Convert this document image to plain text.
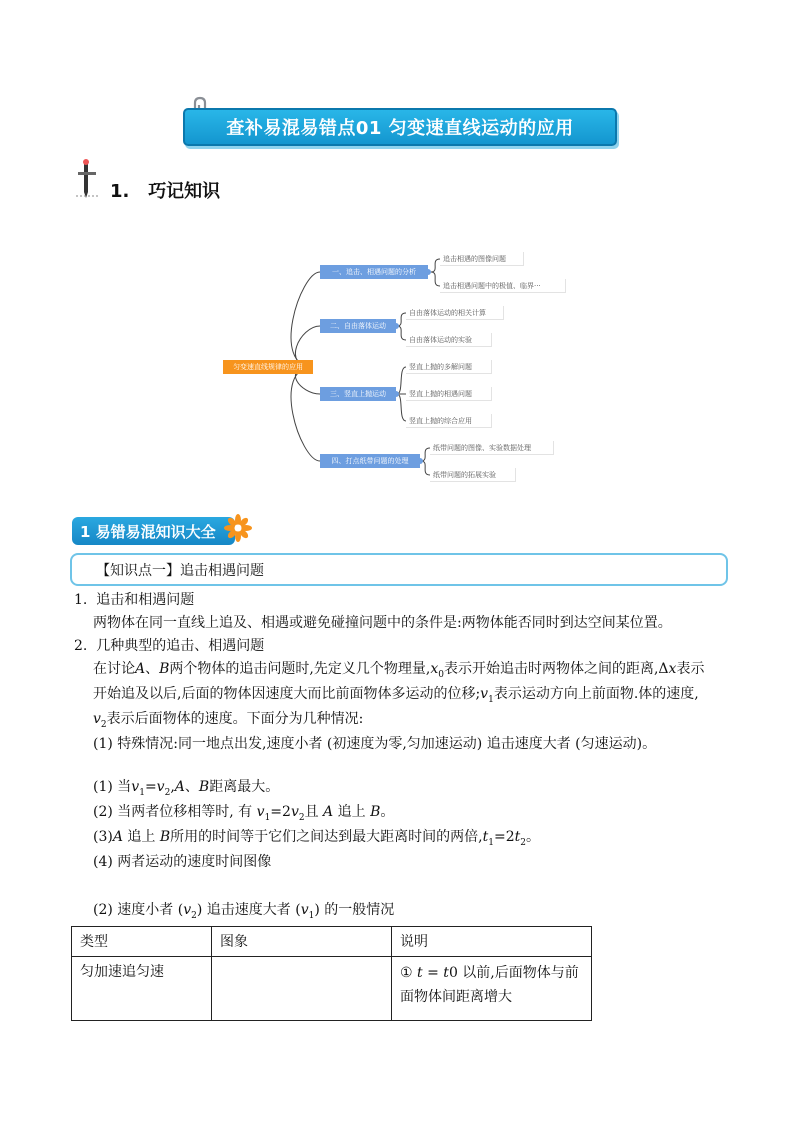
查补易混易错点01 匀变速直线运动的应用
1. 巧记知识
匀变速直线规律的应用
一、追击、相遇问题的分析
二、自由落体运动
三、竖直上抛运动
四、打点纸带问题的处理
追击相遇的图像问题
追击相遇问题中的极值、临界···
自由落体运动的相关计算
自由落体运动的实验
竖直上抛的多解问题
竖直上抛的相遇问题
竖直上抛的综合应用
纸带问题的图像、实验数据处理
纸带问题的拓展实验
1 易错易混知识大全
【知识点一】追击相遇问题
1. 追击和相遇问题
两物体在同一直线上追及、相遇或避免碰撞问题中的条件是:两物体能否同时到达空间某位置。
2. 几种典型的追击、相遇问题
在讨论A、B两个物体的追击问题时,先定义几个物理量$,x_0$表示开始追击时两物体之间的距离,Δx表示
开始追及以后,后面的物体因速度大而比前面物体多运动的位移$;v_1$表示运动方向上前面物.体的速度,
$v_2$表示后面物体的速度。下面分为几种情况:
(1) 特殊情况:同一地点出发,速度小者 (初速度为零,匀加速运动) 追击速度大者 (匀速运动)。
(1) 当$v_1=v_2,A$、B距离最大。
(2) 当两者位移相等时, 有 $v_1=2v_2$且 A 追上 B。
(3)A 追上 B所用的时间等于它们之间达到最大距离时间的两倍$,t_1=2t_2$。
(4) 两者运动的速度时间图像
(2) 速度小者 $(v_2)$ 追击速度大者 $(v_1)$ 的一般情况
类型	图象	说明
匀加速追匀速		① t = t0 以前,后面物体与前
面物体间距离增大
